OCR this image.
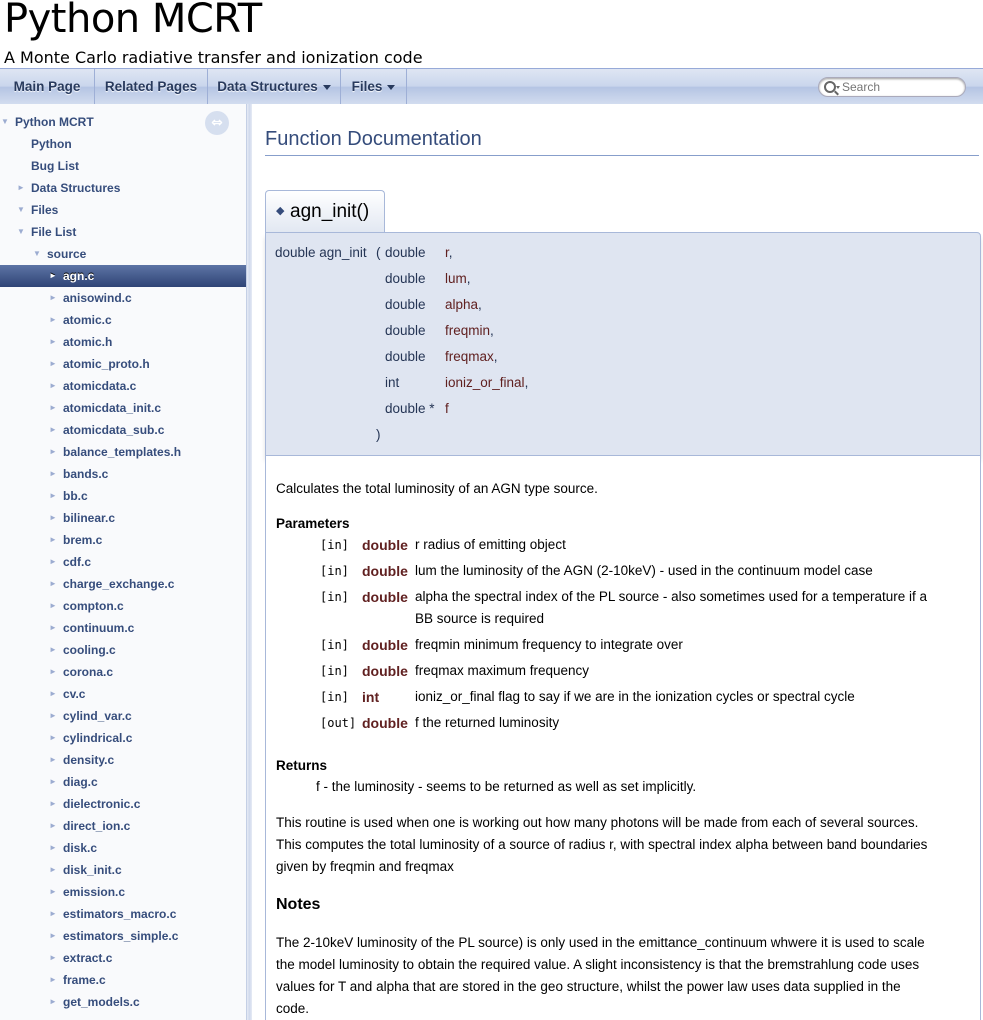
Python MCRT
A Monte Carlo radiative transfer and ionization code
Main Page	Related Pages	Data Structures	Files
Search
⇔
▼ Python MCRT
Python
Bug List
► Data Structures
▼ Files
▼ File List
▼ source
► agn.c
► anisowind.c
► atomic.c
► atomic.h
► atomic_proto.h
► atomicdata.c
► atomicdata_init.c
► atomicdata_sub.c
► balance_templates.h
► bands.c
► bb.c
► bilinear.c
► brem.c
► cdf.c
► charge_exchange.c
► compton.c
► continuum.c
► cooling.c
► corona.c
► cv.c
► cylind_var.c
► cylindrical.c
► density.c
► diag.c
► dielectronic.c
► direct_ion.c
► disk.c
► disk_init.c
► emission.c
► estimators_macro.c
► estimators_simple.c
► extract.c
► frame.c
► get_models.c
Function Documentation
◆ agn_init()
double agn_init ( double r,
double lum,
double alpha,
double freqmin,
double freqmax,
int	ioniz_or_final,
double * f
)
Calculates the total luminosity of an AGN type source.
Parameters
[in] double r radius of emitting object
[in] double lum the luminosity of the AGN (2-10keV) - used in the continuum model case
[in] double alpha the spectral index of the PL source - also sometimes used for a temperature if a
BB source is required
[in] double freqmin minimum frequency to integrate over
[in] double freqmax maximum frequency
[in] int	ioniz_or_final flag to say if we are in the ionization cycles or spectral cycle
[out] double f the returned luminosity
Returns
f - the luminosity - seems to be returned as well as set implicitly.
This routine is used when one is working out how many photons will be made from each of several sources.
This computes the total luminosity of a source of radius r, with spectral index alpha between band boundaries
given by freqmin and freqmax
Notes
The 2-10keV luminosity of the PL source) is only used in the emittance_continuum whwere it is used to scale
the model luminosity to obtain the required value. A slight inconsistency is that the bremstrahlung code uses
values for T and alpha that are stored in the geo structure, whilst the power law uses data supplied in the
code.
